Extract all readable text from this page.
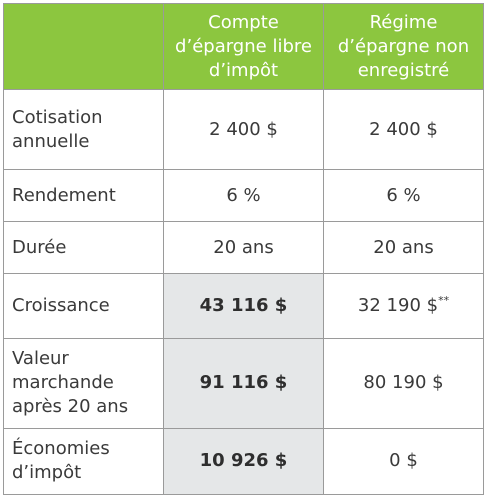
	Compte d’épargne libre d’impôt	Régime d’épargne non enregistré
Cotisation annuelle	2 400 $	2 400 $
Rendement	6 %	6 %
Durée	20 ans	20 ans
Croissance	43 116 $	32 190 $**
Valeur marchande après 20 ans	91 116 $	80 190 $
Économies d’impôt	10 926 $	0 $
